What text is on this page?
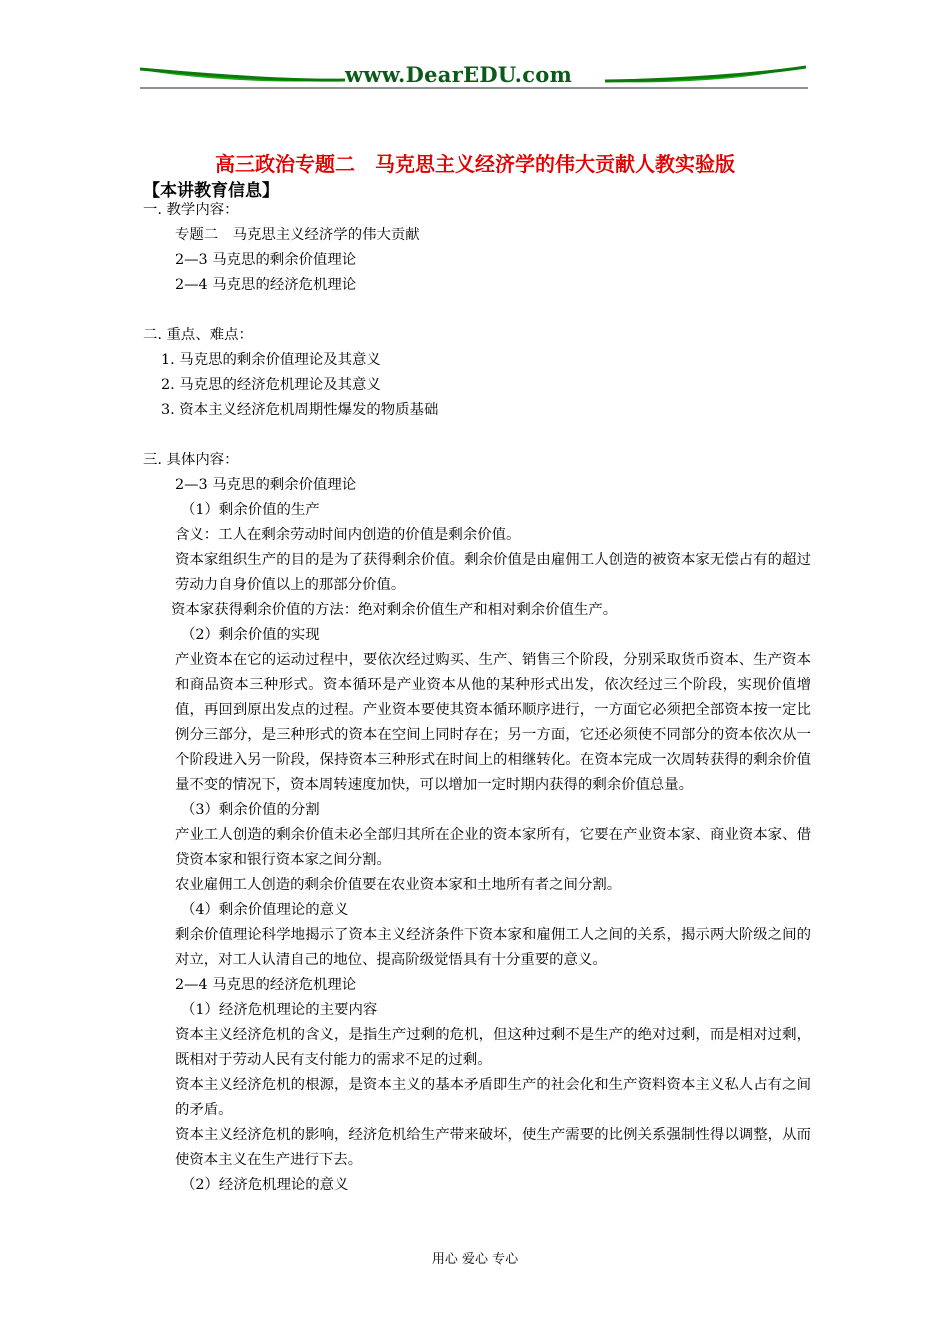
www.DearEDU.com
高三政治专题二　马克思主义经济学的伟大贡献人教实验版
【本讲教育信息】

一. 教学内容：

专题二　马克思主义经济学的伟大贡献

2—3 马克思的剩余价值理论

2—4 马克思的经济危机理论

二. 重点、难点：

1. 马克思的剩余价值理论及其意义

2. 马克思的经济危机理论及其意义

3. 资本主义经济危机周期性爆发的物质基础

三. 具体内容：

2—3 马克思的剩余价值理论

（1）剩余价值的生产

含义：工人在剩余劳动时间内创造的价值是剩余价值。

资本家组织生产的目的是为了获得剩余价值。剩余价值是由雇佣工人创造的被资本家无偿占有的超过劳动力自身价值以上的那部分价值。

资本家获得剩余价值的方法：绝对剩余价值生产和相对剩余价值生产。

（2）剩余价值的实现

产业资本在它的运动过程中，要依次经过购买、生产、销售三个阶段，分别采取货币资本、生产资本和商品资本三种形式。资本循环是产业资本从他的某种形式出发，依次经过三个阶段，实现价值增值，再回到原出发点的过程。产业资本要使其资本循环顺序进行，一方面它必须把全部资本按一定比例分三部分，是三种形式的资本在空间上同时存在；另一方面，它还必须使不同部分的资本依次从一个阶段进入另一阶段，保持资本三种形式在时间上的相继转化。在资本完成一次周转获得的剩余价值量不变的情况下，资本周转速度加快，可以增加一定时期内获得的剩余价值总量。

（3）剩余价值的分割

产业工人创造的剩余价值未必全部归其所在企业的资本家所有，它要在产业资本家、商业资本家、借贷资本家和银行资本家之间分割。

农业雇佣工人创造的剩余价值要在农业资本家和土地所有者之间分割。

（4）剩余价值理论的意义

剩余价值理论科学地揭示了资本主义经济条件下资本家和雇佣工人之间的关系，揭示两大阶级之间的对立，对工人认清自己的地位、提高阶级觉悟具有十分重要的意义。

2—4 马克思的经济危机理论

（1）经济危机理论的主要内容

资本主义经济危机的含义，是指生产过剩的危机，但这种过剩不是生产的绝对过剩，而是相对过剩，既相对于劳动人民有支付能力的需求不足的过剩。

资本主义经济危机的根源，是资本主义的基本矛盾即生产的社会化和生产资料资本主义私人占有之间的矛盾。

资本主义经济危机的影响，经济危机给生产带来破坏，使生产需要的比例关系强制性得以调整，从而使资本主义在生产进行下去。

（2）经济危机理论的意义

用心 爱心 专心
